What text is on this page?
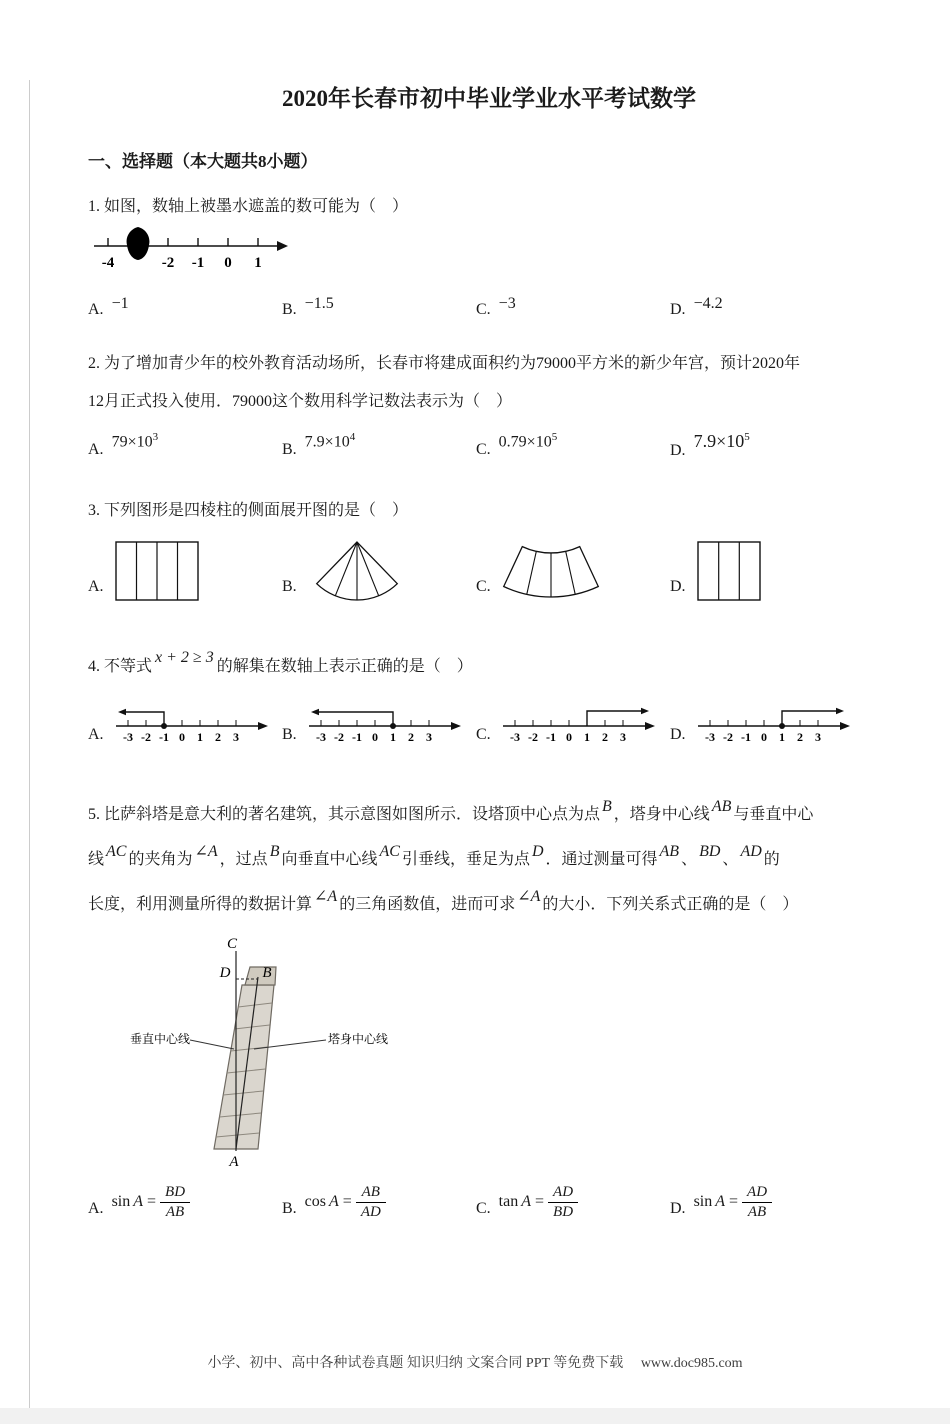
2020年长春市初中毕业学业水平考试数学
一、选择题（本大题共8小题）

1. 如图，数轴上被墨水遮盖的数可能为（　）

-4	-2 -1 0 1
A. −1	B. −1.5	C. −3	D. −4.2

2. 为了增加青少年的校外教育活动场所，长春市将建成面积约为79000平方米的新少年宫，预计2020年

12月正式投入使用．79000这个数用科学记数法表示为（　）

A. $79\times 10^3$
B. $7.9\times 10^4$
C. $0.79\times 10^5$
D. $7.9\times 10^5$

3. 下列图形是四棱柱的侧面展开图的是（　）

A.	B.	C.	D.

4. 不等式x + 2 ≥ 3的解集在数轴上表示正确的是（　）

A. -3 -2 -1 0 1 2 3	B. -3 -2 -1 0 1 2 3	C. -3 -2 -1 0 1 2 3	D. -3 -2 -1 0 1 2 3

5. 比萨斜塔是意大利的著名建筑，其示意图如图所示．设塔顶中心点为点 B ，塔身中心线 AB 与垂直中心

线 AC 的夹角为 ∠A ，过点 B 向垂直中心线 AC 引垂线，垂足为点 D ．通过测量可得 AB 、 BD 、 AD 的

长度，利用测量所得的数据计算 ∠A 的三角函数值，进而可求 ∠A 的大小．下列关系式正确的是（　）

C
D B
A
垂直中心线	塔身中心线
A. $\sin A = \frac{BD}{AB}$	B. $\cos A = \frac{AB}{AD}$	C. $\tan A = \frac{AD}{BD}$	D. $\sin A = \frac{AD}{AB}$
小学、初中、高中各种试卷真题 知识归纳 文案合同 PPT 等免费下载 www.doc985.com
